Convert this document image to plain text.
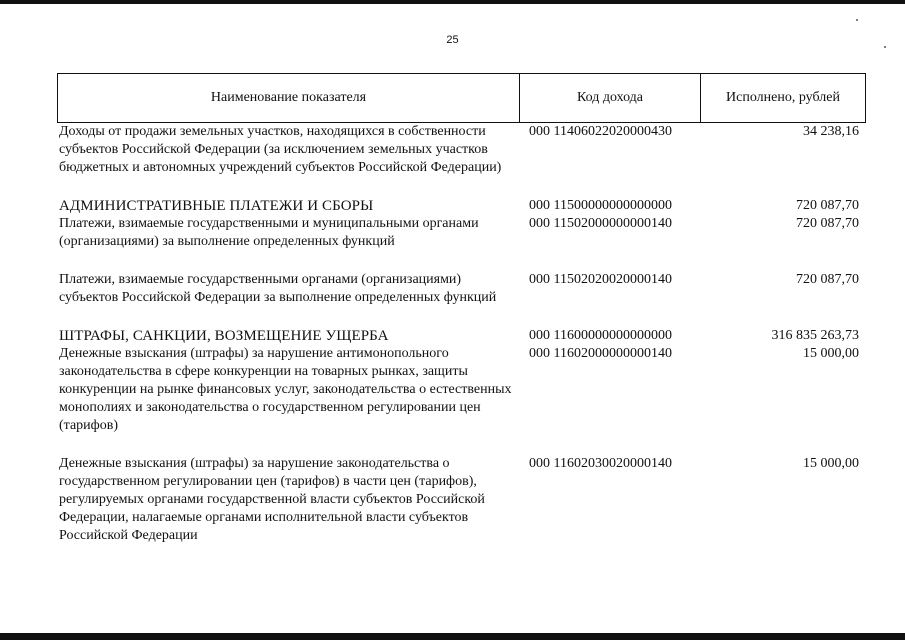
25
Наименование показателя	Код дохода	Исполнено, рублей
Доходы от продажи земельных участков, находящихся в собственности субъектов Российской Федерации (за исключением земельных участков бюджетных и автономных учреждений субъектов Российской Федерации)
000 11406022020000430	34 238,16
АДМИНИСТРАТИВНЫЕ ПЛАТЕЖИ И СБОРЫ	000 11500000000000000	720 087,70
Платежи, взимаемые государственными и муниципальными органами (организациями) за выполнение определенных функций
000 11502000000000140	720 087,70
Платежи, взимаемые государственными органами (организациями) субъектов Российской Федерации за выполнение определенных функций
000 11502020020000140	720 087,70
ШТРАФЫ, САНКЦИИ, ВОЗМЕЩЕНИЕ УЩЕРБА	000 11600000000000000	316 835 263,73
Денежные взыскания (штрафы) за нарушение антимонопольного законодательства в сфере конкуренции на товарных рынках, защиты конкуренции на рынке финансовых услуг, законодательства о естественных монополиях и законодательства о государственном регулировании цен (тарифов)
000 11602000000000140	15 000,00
Денежные взыскания (штрафы) за нарушение законодательства о государственном регулировании цен (тарифов) в части цен (тарифов), регулируемых органами государственной власти субъектов Российской Федерации, налагаемые органами исполнительной власти субъектов Российской Федерации
000 11602030020000140	15 000,00
